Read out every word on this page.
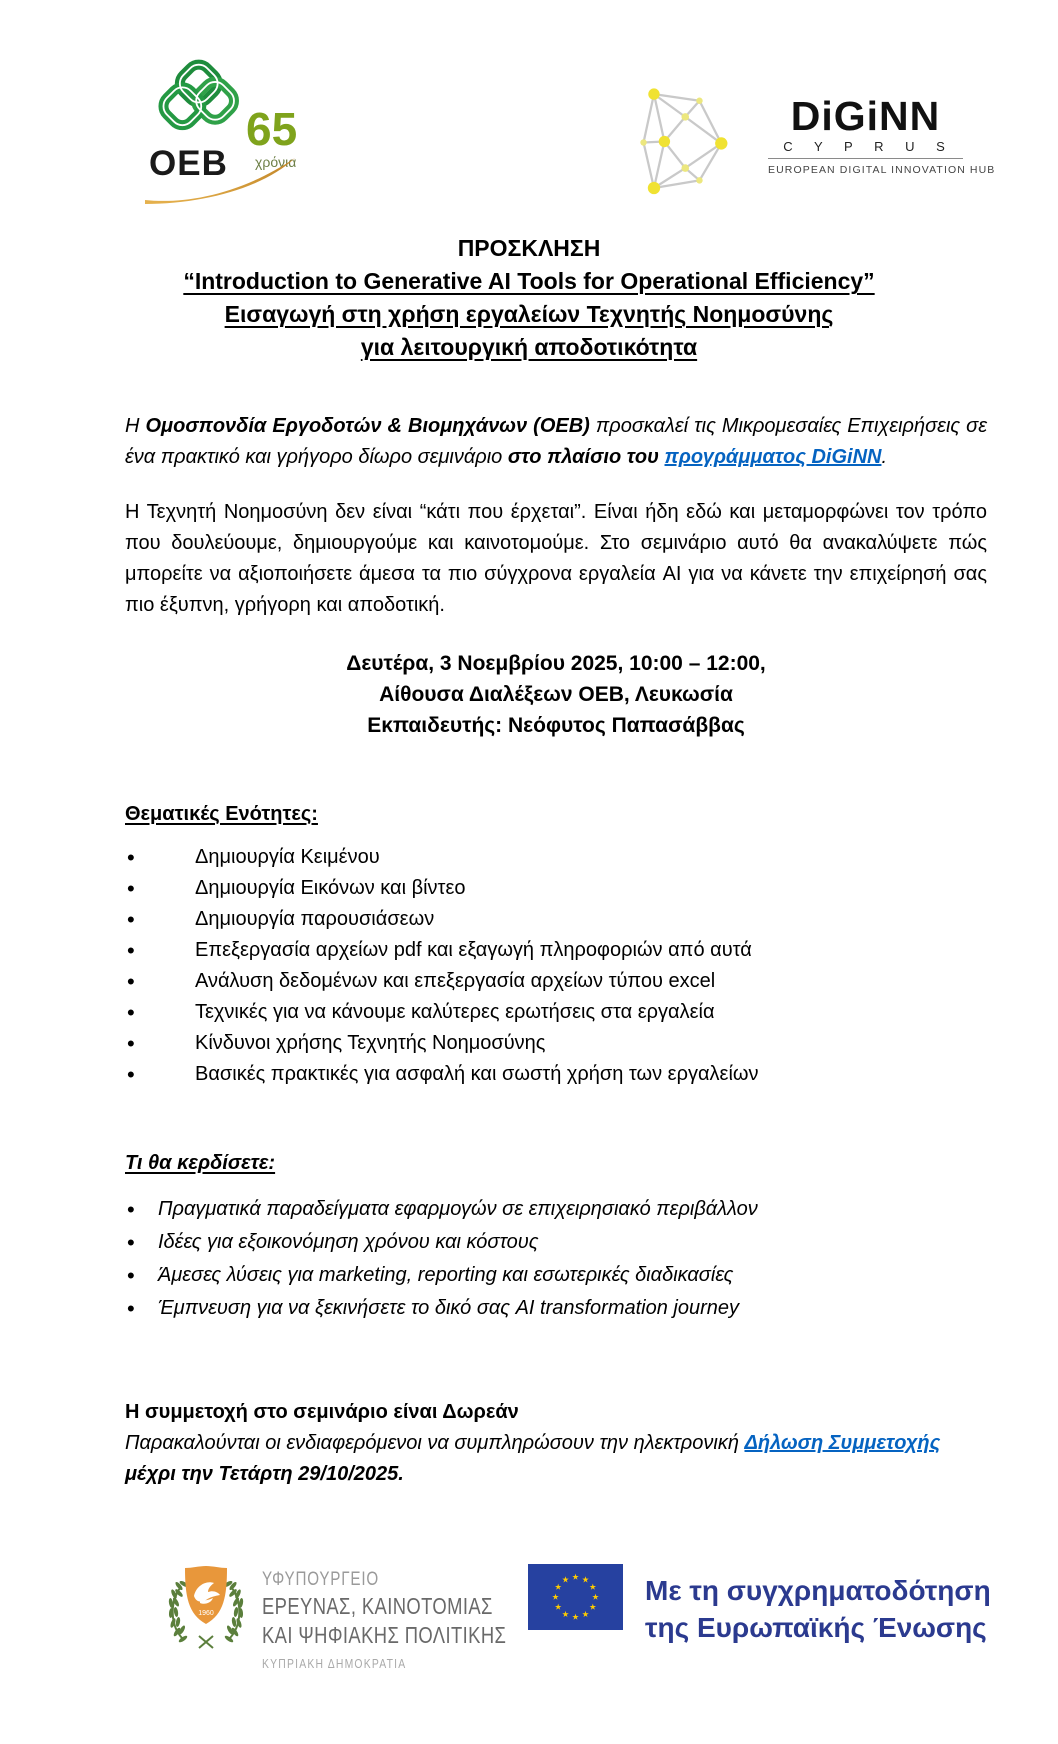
65
χρόνια
OEB
DiGiNN
C Y P R U S
EUROPEAN DIGITAL INNOVATION HUB
ΠΡΟΣΚΛΗΣΗ
“Introduction to Generative AI Tools for Operational Efficiency”
Εισαγωγή στη χρήση εργαλείων Τεχνητής Νοημοσύνης
για λειτουργική αποδοτικότητα

Η Ομοσπονδία Εργοδοτών & Βιομηχάνων (ΟΕΒ) προσκαλεί τις Μικρομεσαίες Επιχειρήσεις σε ένα πρακτικό και γρήγορο δίωρο σεμινάριο στο πλαίσιο του προγράμματος DiGiNN.

Η Τεχνητή Νοημοσύνη δεν είναι “κάτι που έρχεται”. Είναι ήδη εδώ και μεταμορφώνει τον τρόπο που δουλεύουμε, δημιουργούμε και καινοτομούμε. Στο σεμινάριο αυτό θα ανακαλύψετε πώς μπορείτε να αξιοποιήσετε άμεσα τα πιο σύγχρονα εργαλεία AI για να κάνετε την επιχείρησή σας πιο έξυπνη, γρήγορη και αποδοτική.

Δευτέρα, 3 Νοεμβρίου 2025, 10:00 – 12:00,
Αίθουσα Διαλέξεων ΟΕΒ, Λευκωσία
Εκπαιδευτής: Νεόφυτος Παπασάββας
Θεματικές Ενότητες:
• Δημιουργία Κειμένου
• Δημιουργία Εικόνων και βίντεο
• Δημιουργία παρουσιάσεων
• Επεξεργασία αρχείων pdf και εξαγωγή πληροφοριών από αυτά
• Ανάλυση δεδομένων και επεξεργασία αρχείων τύπου excel
• Τεχνικές για να κάνουμε καλύτερες ερωτήσεις στα εργαλεία
• Κίνδυνοι χρήσης Τεχνητής Νοημοσύνης
• Βασικές πρακτικές για ασφαλή και σωστή χρήση των εργαλείων
Τι θα κερδίσετε:
• Πραγματικά παραδείγματα εφαρμογών σε επιχειρησιακό περιβάλλον
• Ιδέες για εξοικονόμηση χρόνου και κόστους
• Άμεσες λύσεις για marketing, reporting και εσωτερικές διαδικασίες
• Έμπνευση για να ξεκινήσετε το δικό σας AI transformation journey
Η συμμετοχή στο σεμινάριο είναι Δωρεάν
Παρακαλούνται οι ενδιαφερόμενοι να συμπληρώσουν την ηλεκτρονική Δήλωση Συμμετοχής
μέχρι την Τετάρτη 29/10/2025.
1960
ΥΦΥΠΟΥΡΓΕΙΟ
ΕΡΕΥΝΑΣ, ΚΑΙΝΟΤΟΜΙΑΣ
ΚΑΙ ΨΗΦΙΑΚΗΣ ΠΟΛΙΤΙΚΗΣ
ΚΥΠΡΙΑΚΗ ΔΗΜΟΚΡΑΤΙΑ
Με τη συγχρηματοδότηση
της Ευρωπαϊκής Ένωσης
